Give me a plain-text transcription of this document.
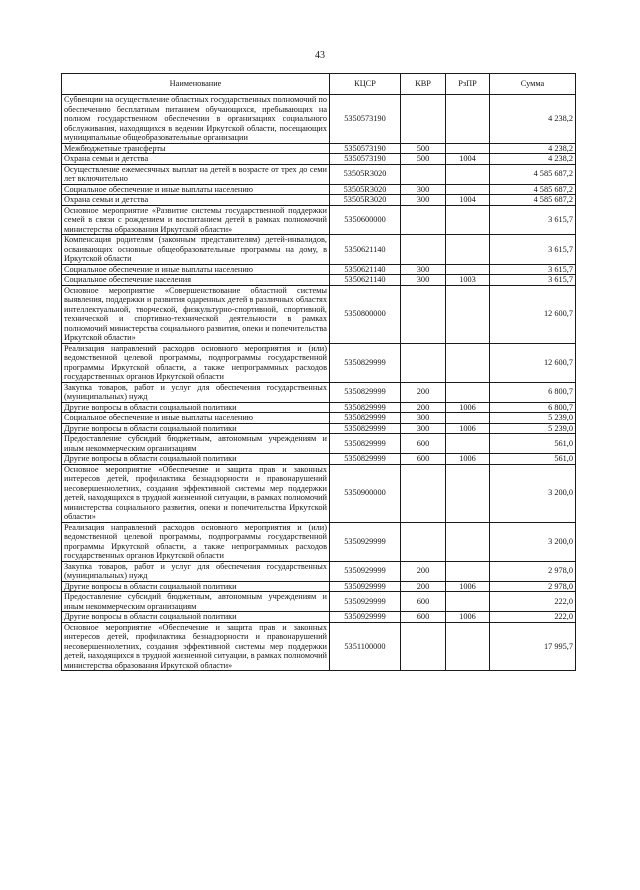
43
Наименование	КЦСР	КВР	РзПР	Сумма
Субвенции на осуществление областных государственных полномочий по обеспечению бесплатным питанием обучающихся, пребывающих на полном государственном обеспечении в организациях социального обслуживания, находящихся в ведении Иркутской области, посещающих муниципальные общеобразовательные организации	5350573190			4 238,2
Межбюджетные трансферты	5350573190	500		4 238,2
Охрана семьи и детства	5350573190	500	1004	4 238,2
Осуществление ежемесячных выплат на детей в возрасте от трех до семи лет включительно	53505R3020			4 585 687,2
Социальное обеспечение и иные выплаты населению	53505R3020	300		4 585 687,2
Охрана семьи и детства	53505R3020	300	1004	4 585 687,2
Основное мероприятие «Развитие системы государственной поддержки семей в связи с рождением и воспитанием детей в рамках полномочий министерства образования Иркутской области»	5350600000			3 615,7
Компенсация родителям (законным представителям) детей-инвалидов, осваивающих основные общеобразовательные программы на дому, в Иркутской области	5350621140			3 615,7
Социальное обеспечение и иные выплаты населению	5350621140	300		3 615,7
Социальное обеспечение населения	5350621140	300	1003	3 615,7
Основное мероприятие «Совершенствование областной системы выявления, поддержки и развития одаренных детей в различных областях интеллектуальной, творческой, физкультурно-спортивной, спортивной, технической и спортивно-технической деятельности в рамках полномочий министерства социального развития, опеки и попечительства Иркутской области»	5350800000			12 600,7
Реализация направлений расходов основного мероприятия и (или) ведомственной целевой программы, подпрограммы государственной программы Иркутской области, а также непрограммных расходов государственных органов Иркутской области	5350829999			12 600,7
Закупка товаров, работ и услуг для обеспечения государственных (муниципальных) нужд	5350829999	200		6 800,7
Другие вопросы в области социальной политики	5350829999	200	1006	6 800,7
Социальное обеспечение и иные выплаты населению	5350829999	300		5 239,0
Другие вопросы в области социальной политики	5350829999	300	1006	5 239,0
Предоставление субсидий бюджетным, автономным учреждениям и иным некоммерческим организациям	5350829999	600		561,0
Другие вопросы в области социальной политики	5350829999	600	1006	561,0
Основное мероприятие «Обеспечение и защита прав и законных интересов детей, профилактика безнадзорности и правонарушений несовершеннолетних, создания эффективной системы мер поддержки детей, находящихся в трудной жизненной ситуации, в рамках полномочий министерства социального развития, опеки и попечительства Иркутской области»	5350900000			3 200,0
Реализация направлений расходов основного мероприятия и (или) ведомственной целевой программы, подпрограммы государственной программы Иркутской области, а также непрограммных расходов государственных органов Иркутской области	5350929999			3 200,0
Закупка товаров, работ и услуг для обеспечения государственных (муниципальных) нужд	5350929999	200		2 978,0
Другие вопросы в области социальной политики	5350929999	200	1006	2 978,0
Предоставление субсидий бюджетным, автономным учреждениям и иным некоммерческим организациям	5350929999	600		222,0
Другие вопросы в области социальной политики	5350929999	600	1006	222,0
Основное мероприятие «Обеспечение и защита прав и законных интересов детей, профилактика безнадзорности и правонарушений несовершеннолетних, создания эффективной системы мер поддержки детей, находящихся в трудной жизненной ситуации, в рамках полномочий министерства образования Иркутской области»	5351100000			17 995,7
